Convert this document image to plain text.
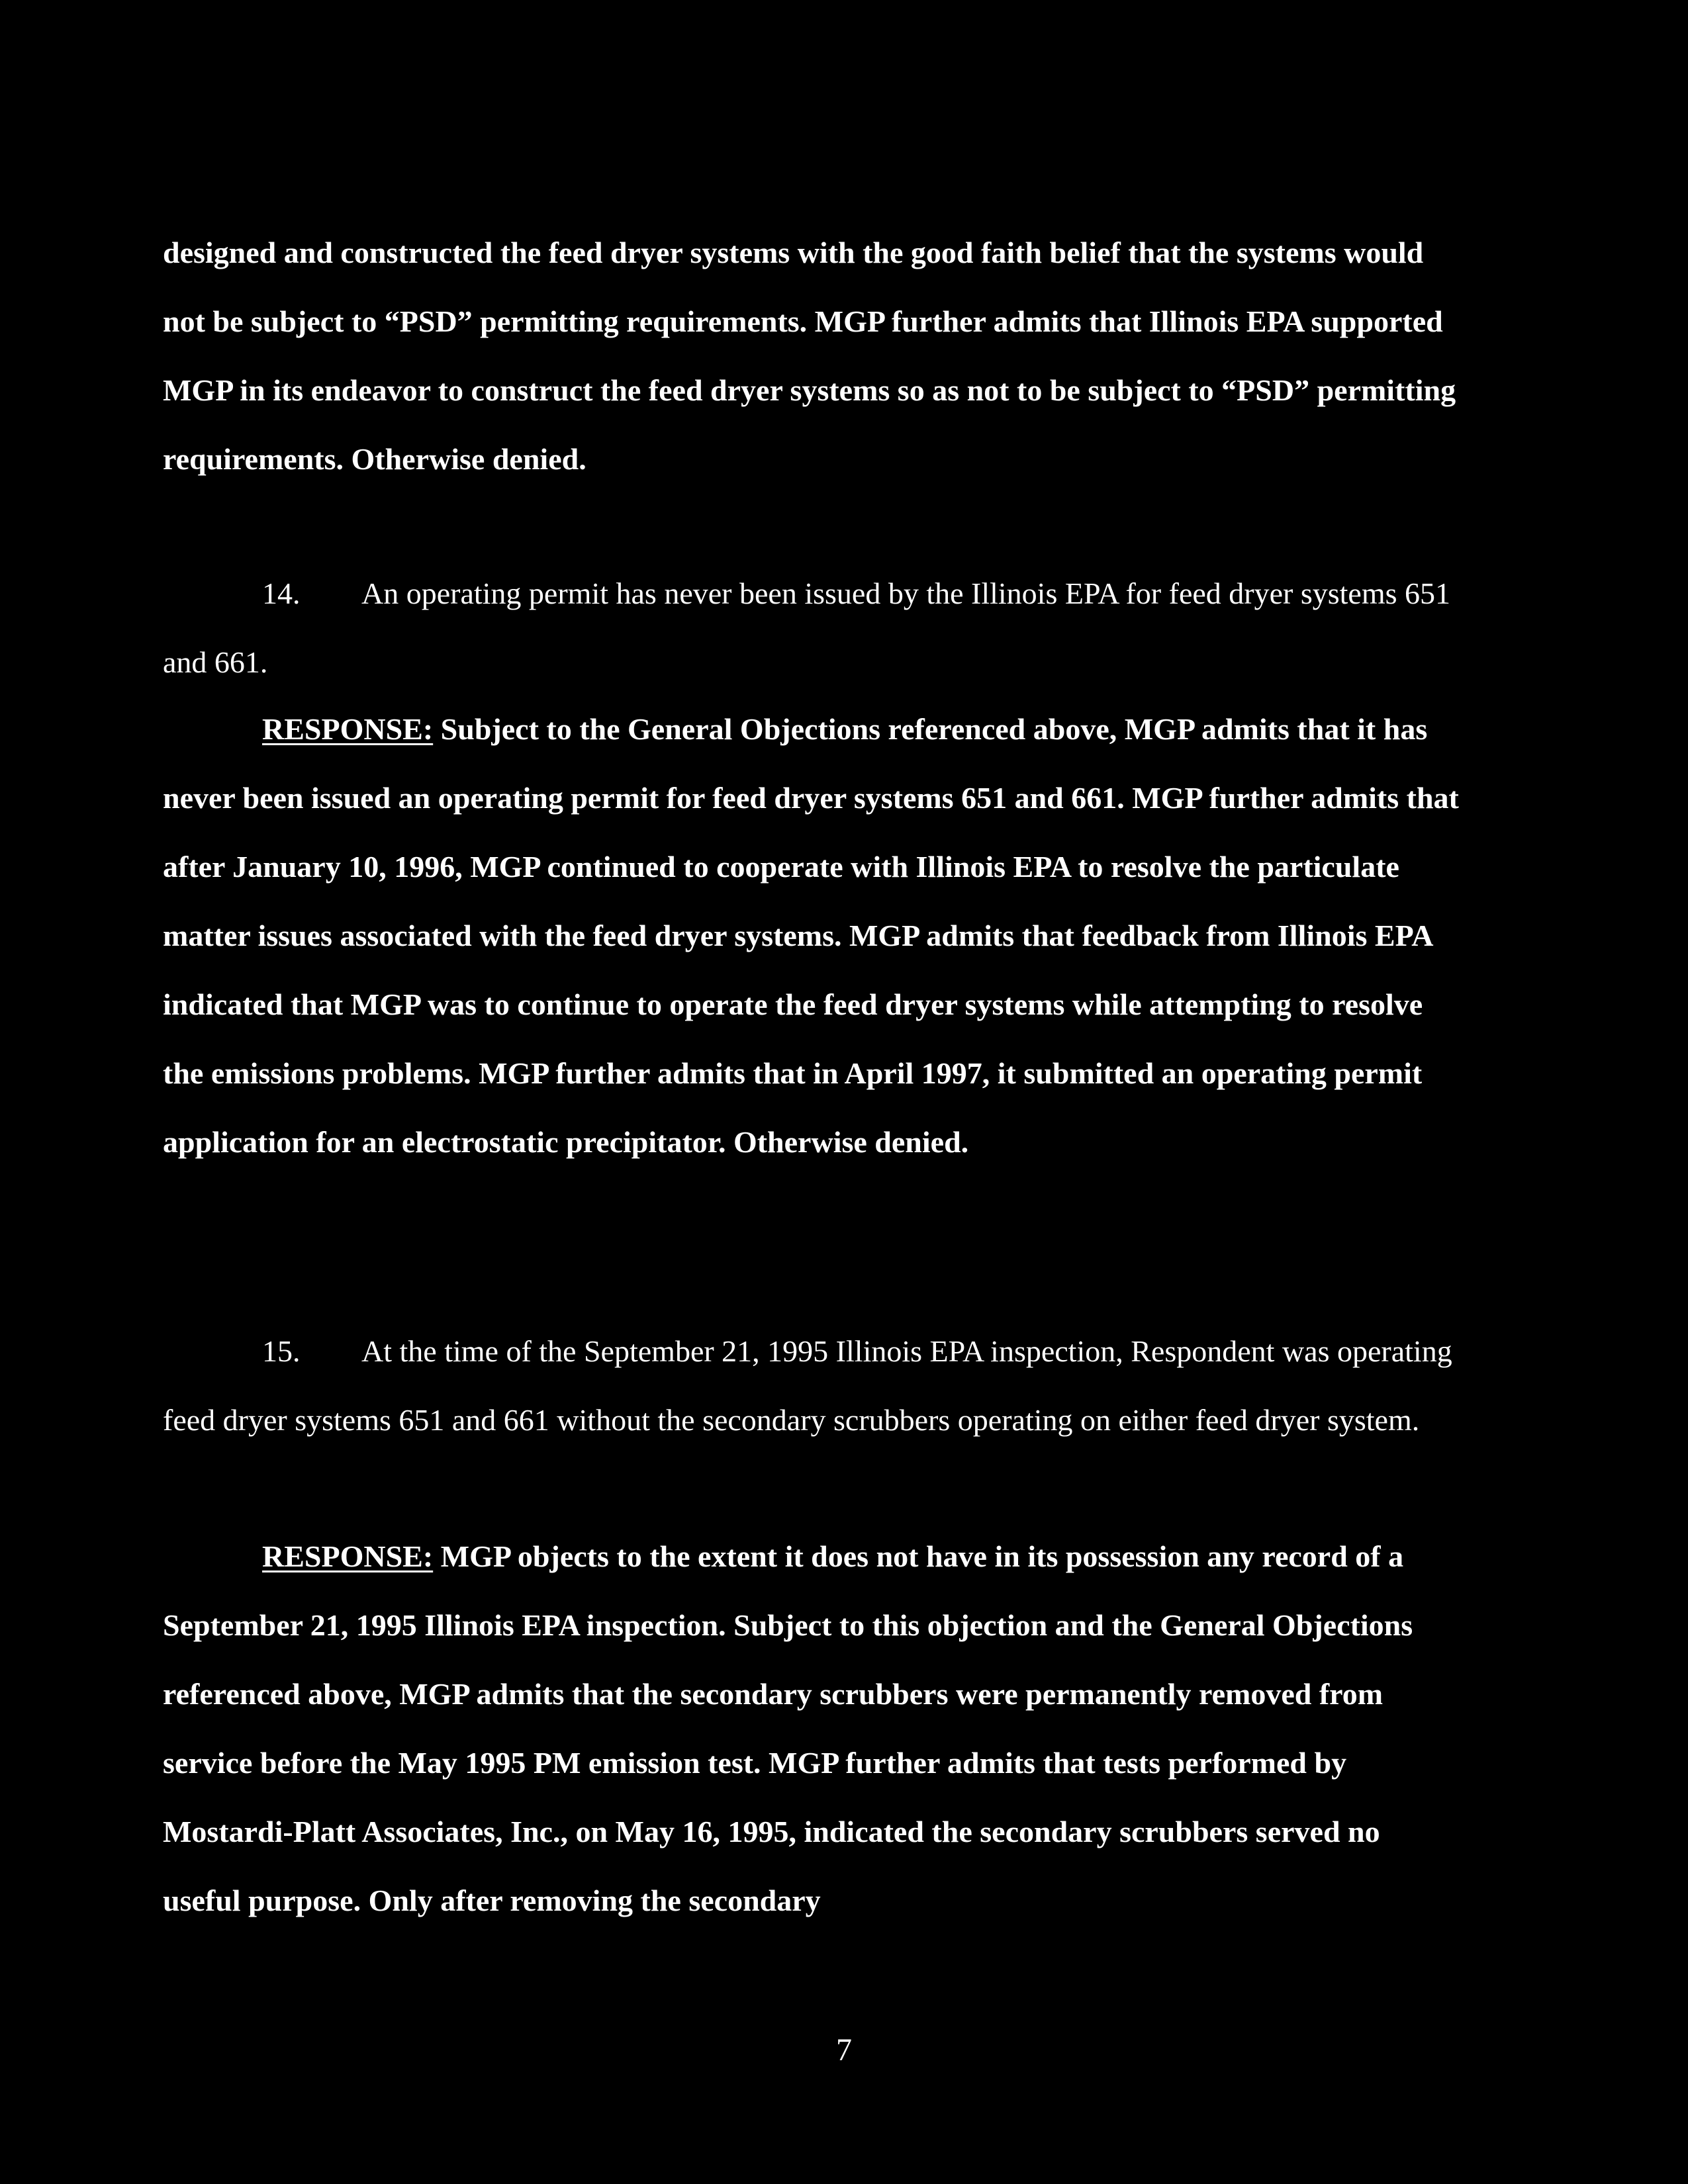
designed and constructed the feed dryer systems with the good faith belief that the systems would not be subject to “PSD” permitting requirements. MGP further admits that Illinois EPA supported MGP in its endeavor to construct the feed dryer systems so as not to be subject to “PSD” permitting requirements. Otherwise denied.

14. An operating permit has never been issued by the Illinois EPA for feed dryer systems 651 and 661.

RESPONSE: Subject to the General Objections referenced above, MGP admits that it has never been issued an operating permit for feed dryer systems 651 and 661. MGP further admits that after January 10, 1996, MGP continued to cooperate with Illinois EPA to resolve the particulate matter issues associated with the feed dryer systems. MGP admits that feedback from Illinois EPA indicated that MGP was to continue to operate the feed dryer systems while attempting to resolve the emissions problems. MGP further admits that in April 1997, it submitted an operating permit application for an electrostatic precipitator. Otherwise denied.

15. At the time of the September 21, 1995 Illinois EPA inspection, Respondent was operating feed dryer systems 651 and 661 without the secondary scrubbers operating on either feed dryer system.

RESPONSE: MGP objects to the extent it does not have in its possession any record of a September 21, 1995 Illinois EPA inspection. Subject to this objection and the General Objections referenced above, MGP admits that the secondary scrubbers were permanently removed from service before the May 1995 PM emission test. MGP further admits that tests performed by Mostardi-Platt Associates, Inc., on May 16, 1995, indicated the secondary scrubbers served no useful purpose. Only after removing the secondary

7
